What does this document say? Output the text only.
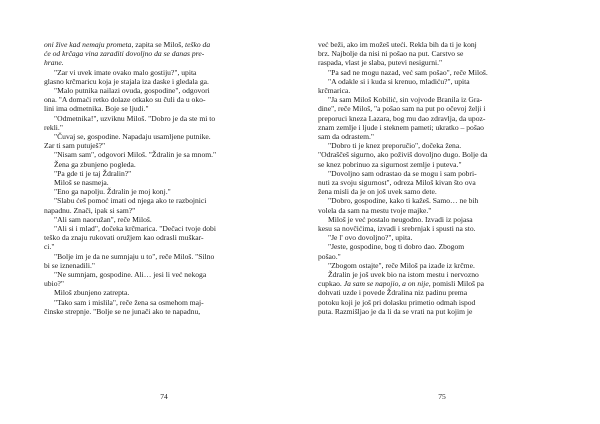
oni žive kad nemaju prometa, zapita se Miloš, teško da
će od krčaga vina zaraditi dovoljno da se danas pre-
hrane.
"Zar vi uvek imate ovako malo gostiju?", upita
glasno krčmaricu koja je stajala iza daske i gledala ga.
"Malo putnika nailazi ovuda, gospodine", odgovori
ona. "A domaći retko dolaze otkako su čuli da u oko-
lini ima odmetnika. Boje se ljudi."
"Odmetnika!", uzviknu Miloš. "Dobro je da ste mi to
rekli."
"Čuvaj se, gospodine. Napadaju usamljene putnike.
Zar ti sam putuješ?"
"Nisam sam", odgovori Miloš. "Ždralin je sa mnom."
Žena ga zbunjeno pogleda.
"Pa gde ti je taj Ždralin?"
Miloš se nasmeja.
"Eno ga napolju. Ždralin je moj konj."
"Slabu ćeš pomoć imati od njega ako te razbojnici
napadnu. Znači, ipak si sam?"
"Ali sam naoružan", reče Miloš.
"Ali si i mlad", dočeka krčmarica. "Dečaci tvoje dobi
teško da znaju rukovati oružjem kao odrasli muškar-
ci."
"Bolje im je da ne sumnjaju u to", reče Miloš. "Silno
bi se iznenadili."
"Ne sumnjam, gospodine. Ali… jesi li već nekoga
ubio?"
Miloš zbunjeno zatrepta.
"Tako sam i mislila", reče žena sa osmehom maj-
činske strepnje. "Bolje se ne junači ako te napadnu,
74
već beži, ako im možeš uteći. Rekla bih da ti je konj
brz. Najbolje da nisi ni pošao na put. Carstvo se
raspada, vlast je slaba, putevi nesigurni."
"Pa sad ne mogu nazad, već sam pošao", reče Miloš.
"A odakle si i kuda si krenuo, mladiću?", upita
krčmarica.
"Ja sam Miloš Kobilić, sin vojvode Branila iz Gra-
dine", reče Miloš, "a pošao sam na put po očevoj želji i
preporuci kneza Lazara, bog mu dao zdravlja, da upoz-
znam zemlje i ljude i steknem pameti; ukratko – pošao
sam da odrastem."
"Dobro ti je knez preporučio", dočeka žena.
"Odraščeš sigurno, ako poživiš dovoljno dugo. Bolje da
se knez pobrinuo za sigurnost zemlje i puteva."
"Dovoljno sam odrastao da se mogu i sam pobri-
nuti za svoju sigurnost", odreza Miloš kivan što ova
žena misli da je on još uvek samo dete.
"Dobro, gospodine, kako ti kažeš. Samo… ne bih
volela da sam na mestu tvoje majke."
Miloš je već postalo neugodno. Izvadi iz pojasa
kesu sa novčićima, izvadi i srebrnjak i spusti na sto.
"Je l' ovo dovoljno?", upita.
"Jeste, gospodine, bog ti dobro dao. Zbogom
pošao."
"Zbogom ostajte", reče Miloš pa izađe iz krčme.
Ždralin je još uvek bio na istom mestu i nervozno
cupkao. Ja sam se napojio, a on nije, pomisli Miloš pa
dohvati uzde i povede Ždralina niz padinu prema
potoku koji je još pri dolasku primetio odmah ispod
puta. Razmišljao je da li da se vrati na put kojim je
75
